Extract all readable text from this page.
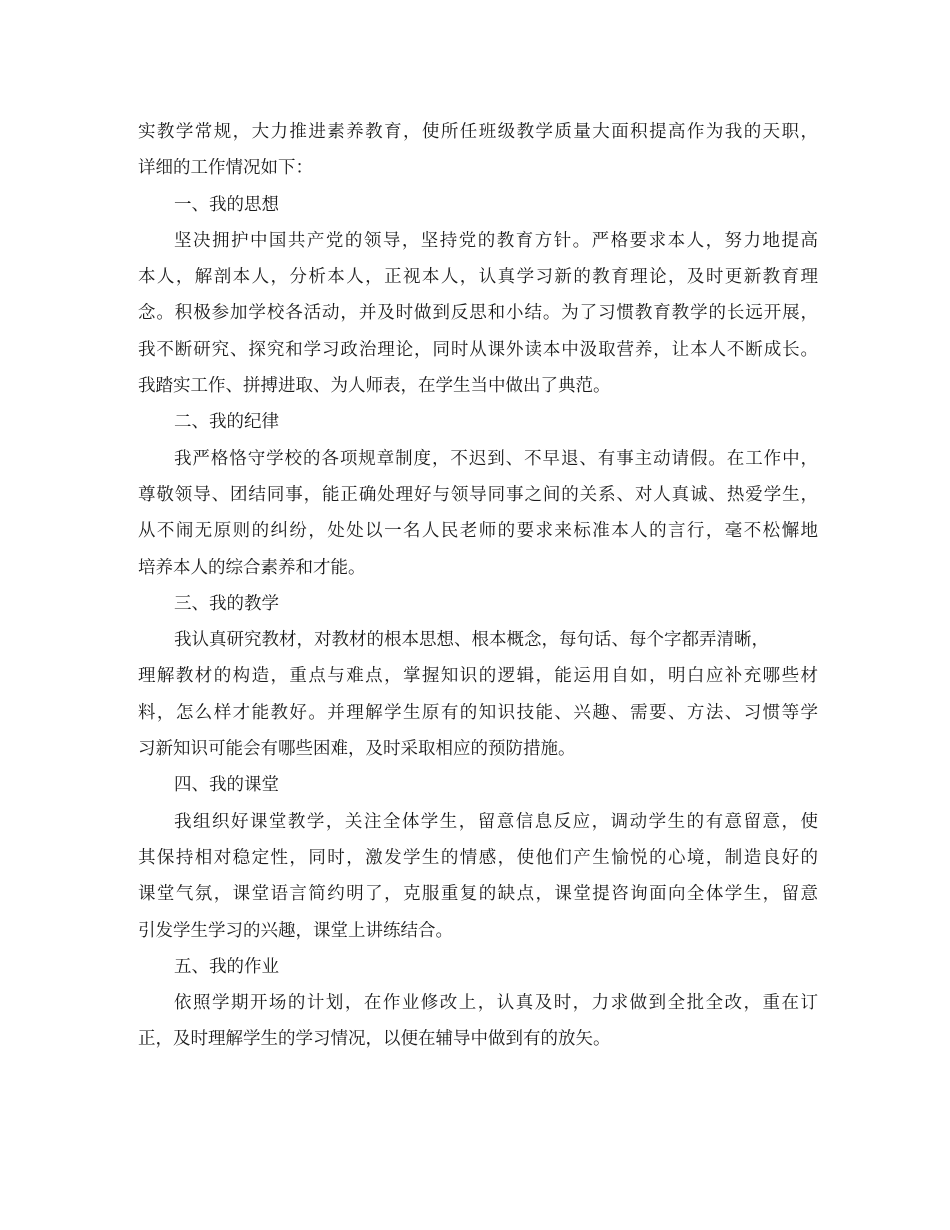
实教学常规，大力推进素养教育，使所任班级教学质量大面积提高作为我的天职，
详细的工作情况如下：
一、我的思想
坚决拥护中国共产党的领导，坚持党的教育方针。严格要求本人，努力地提高
本人，解剖本人，分析本人，正视本人，认真学习新的教育理论，及时更新教育理
念。积极参加学校各活动，并及时做到反思和小结。为了习惯教育教学的长远开展，
我不断研究、探究和学习政治理论，同时从课外读本中汲取营养，让本人不断成长。
我踏实工作、拼搏进取、为人师表，在学生当中做出了典范。
二、我的纪律
我严格恪守学校的各项规章制度，不迟到、不早退、有事主动请假。在工作中，
尊敬领导、团结同事，能正确处理好与领导同事之间的关系、对人真诚、热爱学生，
从不闹无原则的纠纷，处处以一名人民老师的要求来标准本人的言行，毫不松懈地
培养本人的综合素养和才能。
三、我的教学
我认真研究教材，对教材的根本思想、根本概念，每句话、每个字都弄清晰，
理解教材的构造，重点与难点，掌握知识的逻辑，能运用自如，明白应补充哪些材
料，怎么样才能教好。并理解学生原有的知识技能、兴趣、需要、方法、习惯等学
习新知识可能会有哪些困难，及时采取相应的预防措施。
四、我的课堂
我组织好课堂教学，关注全体学生，留意信息反应，调动学生的有意留意，使
其保持相对稳定性，同时，激发学生的情感，使他们产生愉悦的心境，制造良好的
课堂气氛，课堂语言简约明了，克服重复的缺点，课堂提咨询面向全体学生，留意
引发学生学习的兴趣，课堂上讲练结合。
五、我的作业
依照学期开场的计划，在作业修改上，认真及时，力求做到全批全改，重在订
正，及时理解学生的学习情况，以便在辅导中做到有的放矢。
